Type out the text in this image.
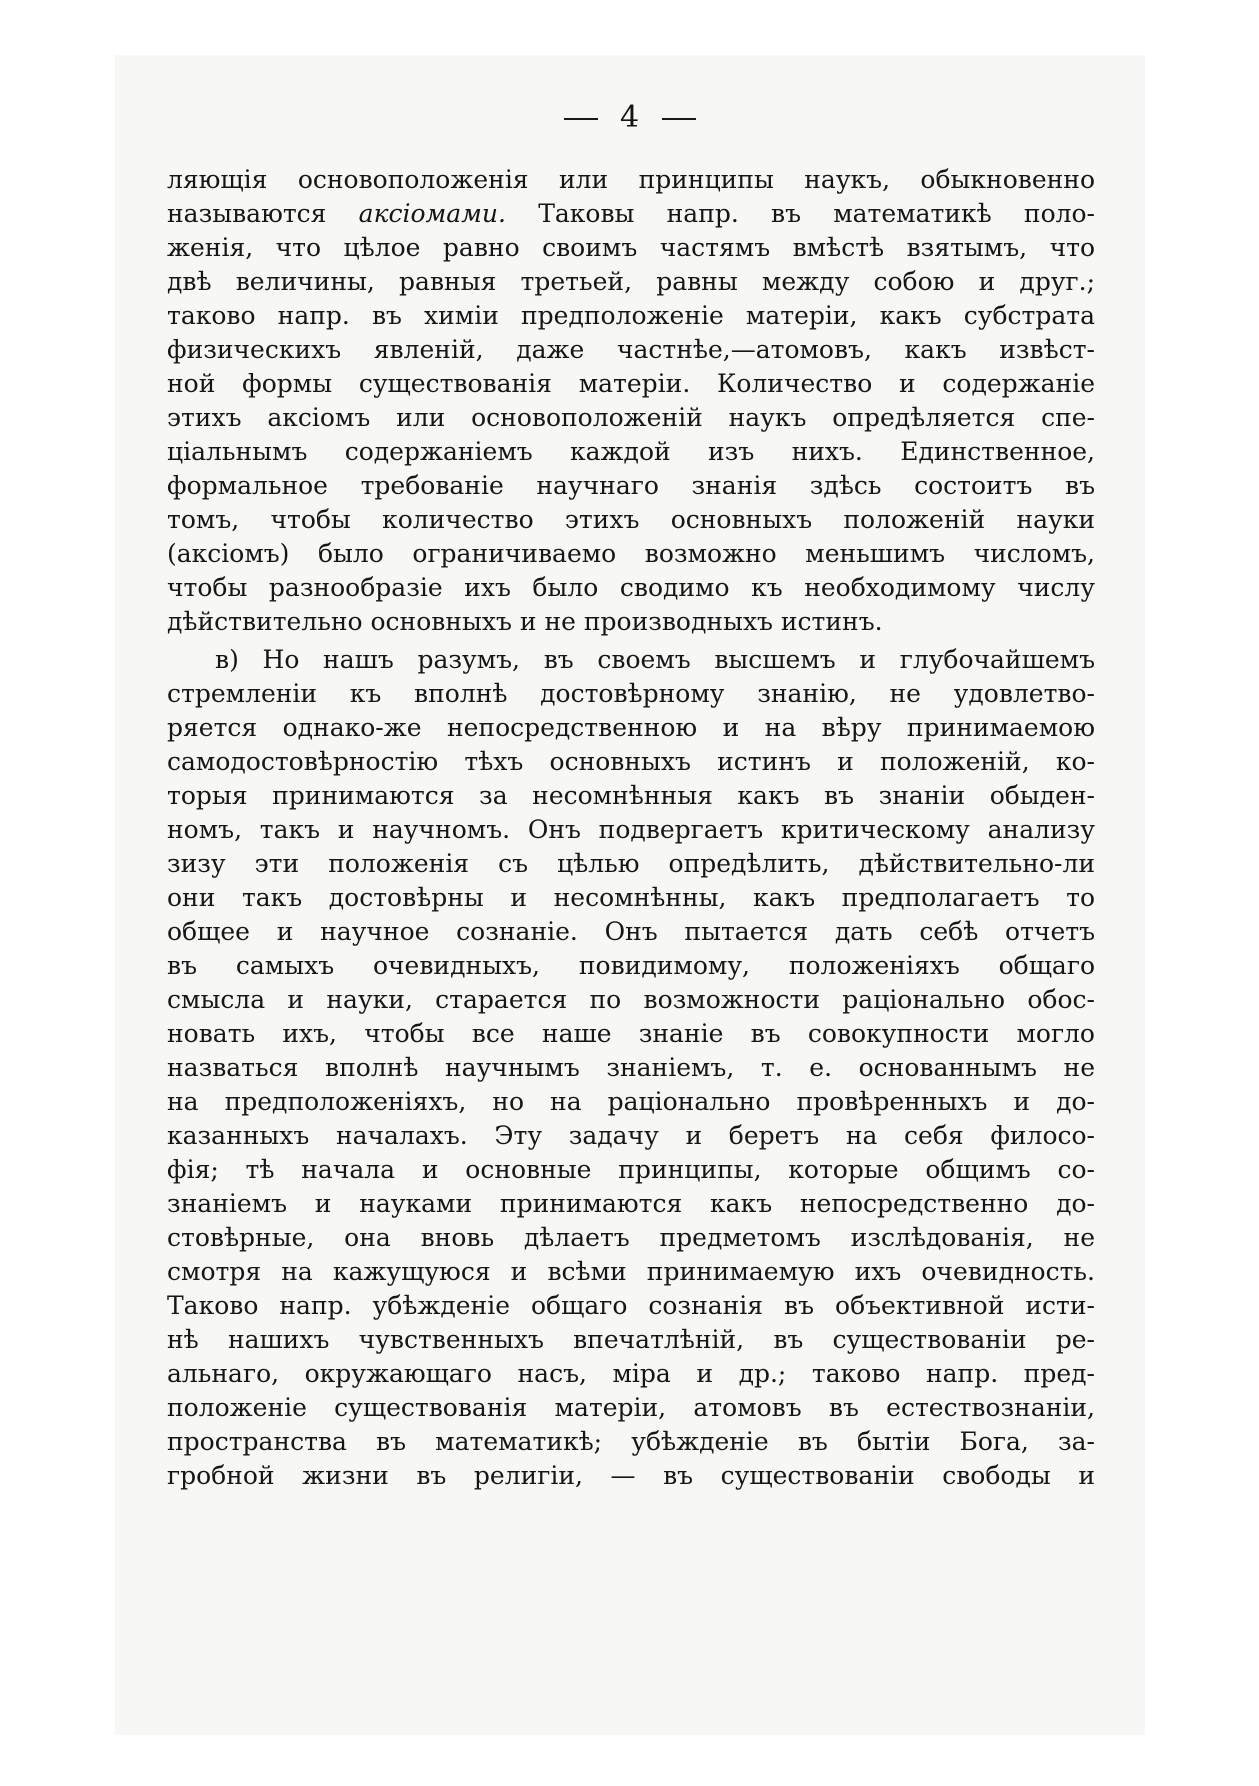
4
ляющія основоположенія или принципы наукъ, обыкновенно
называются аксіомами. Таковы напр. въ математикѣ поло-
женія, что цѣлое равно своимъ частямъ вмѣстѣ взятымъ, что
двѣ величины, равныя третьей, равны между собою и друг.;
таково напр. въ химіи предположеніе матеріи, какъ субстрата
физическихъ явленій, даже частнѣе,—атомовъ, какъ извѣст-
ной формы существованія матеріи. Количество и содержаніе
этихъ аксіомъ или основоположеній наукъ опредѣляется спе-
ціальнымъ содержаніемъ каждой изъ нихъ. Единственное,
формальное требованіе научнаго знанія здѣсь состоитъ въ
томъ, чтобы количество этихъ основныхъ положеній науки
(аксіомъ) было ограничиваемо возможно меньшимъ числомъ,
чтобы разнообразіе ихъ было сводимо къ необходимому числу
дѣйствительно основныхъ и не производныхъ истинъ.
в) Но нашъ разумъ, въ своемъ высшемъ и глубочайшемъ
стремленіи къ вполнѣ достовѣрному знанію, не удовлетво-
ряется однако-же непосредственною и на вѣру принимаемою
самодостовѣрностію тѣхъ основныхъ истинъ и положеній, ко-
торыя принимаются за несомнѣнныя какъ въ знаніи обыден-
номъ, такъ и научномъ. Онъ подвергаетъ критическому анализу
зизу эти положенія съ цѣлью опредѣлить, дѣйствительно-ли
они такъ достовѣрны и несомнѣнны, какъ предполагаетъ то
общее и научное сознаніе. Онъ пытается дать себѣ отчетъ
въ самыхъ очевидныхъ, повидимому, положеніяхъ общаго
смысла и науки, старается по возможности раціонально обос-
новать ихъ, чтобы все наше знаніе въ совокупности могло
назваться вполнѣ научнымъ знаніемъ, т. е. основаннымъ не
на предположеніяхъ, но на раціонально провѣренныхъ и до-
казанныхъ началахъ. Эту задачу и беретъ на себя филосо-
фія; тѣ начала и основные принципы, которые общимъ со-
знаніемъ и науками принимаются какъ непосредственно до-
стовѣрные, она вновь дѣлаетъ предметомъ изслѣдованія, не
смотря на кажущуюся и всѣми принимаемую ихъ очевидность.
Таково напр. убѣжденіе общаго сознанія въ объективной исти-
нѣ нашихъ чувственныхъ впечатлѣній, въ существованіи ре-
альнаго, окружающаго насъ, міра и др.; таково напр. пред-
положеніе существованія матеріи, атомовъ въ естествознаніи,
пространства въ математикѣ; убѣжденіе въ бытіи Бога, за-
гробной жизни въ религіи, — въ существованіи свободы и
